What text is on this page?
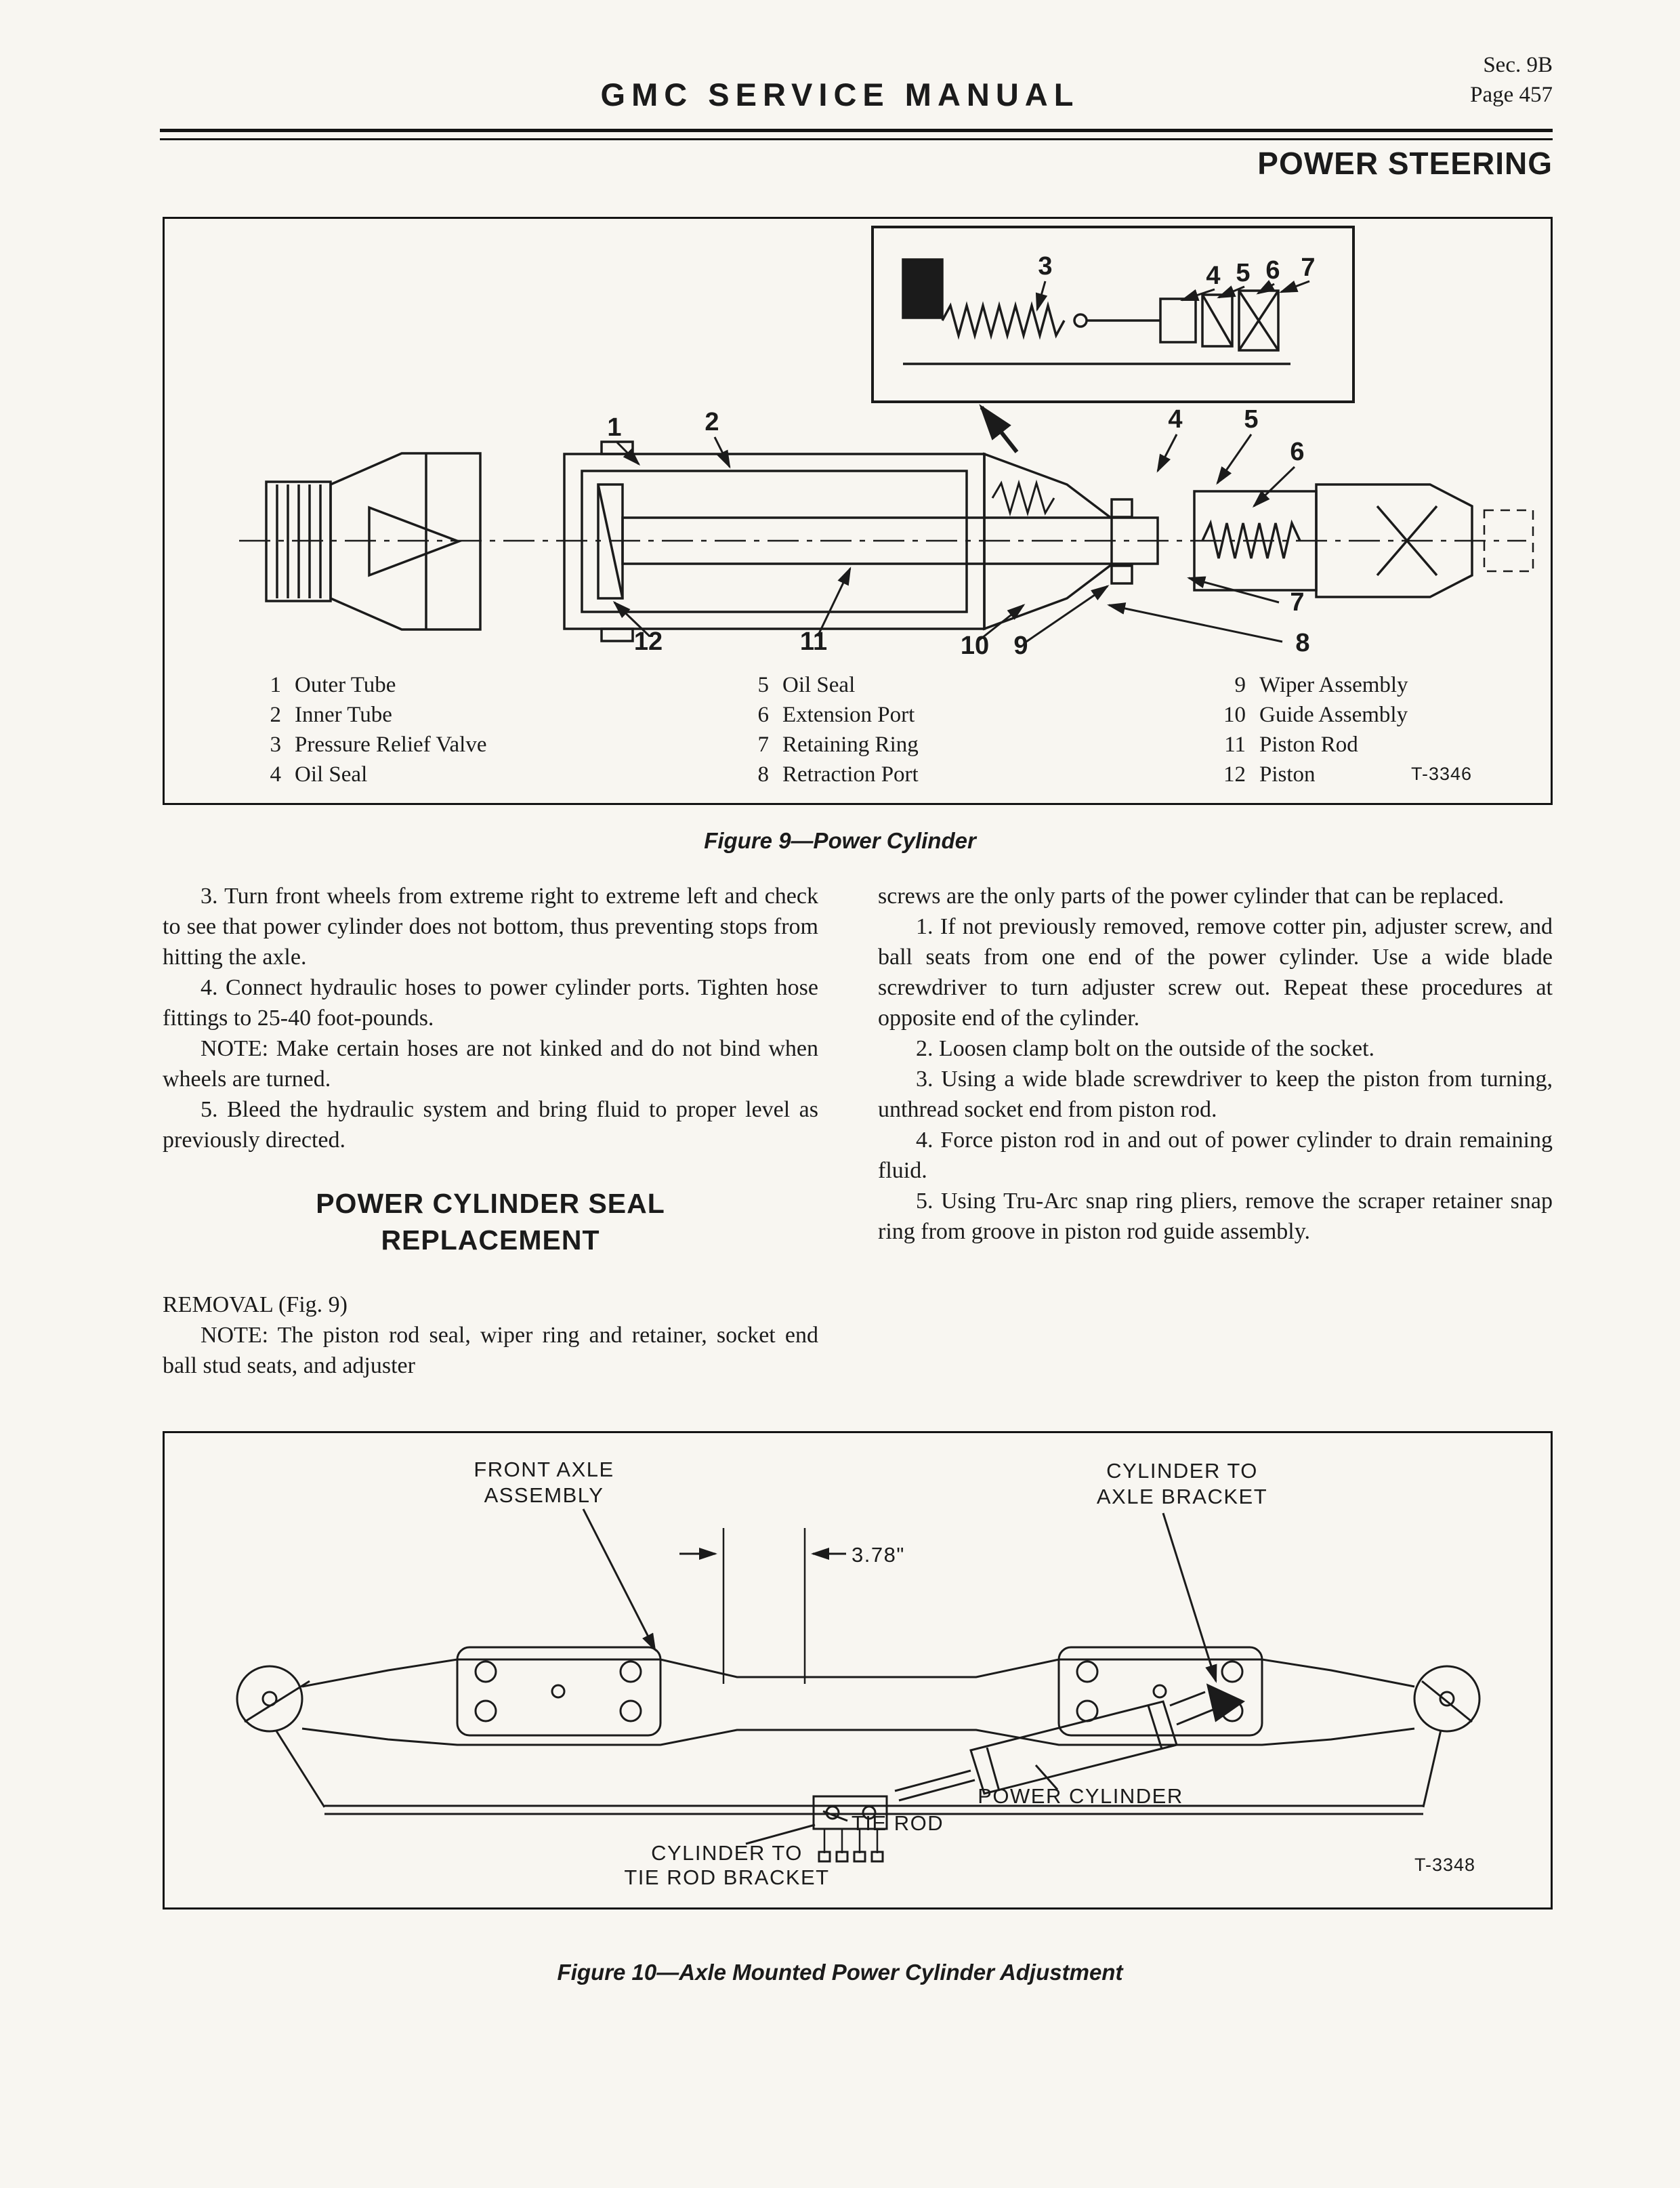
GMC SERVICE MANUAL
Sec. 9B
Page 457
POWER STEERING
3	4 5 6 7
1	2	4 5
6
7
8
12	11	10 9
1 Outer Tube
2 Inner Tube
3 Pressure Relief Valve
4 Oil Seal
5 Oil Seal
6 Extension Port
7 Retaining Ring
8 Retraction Port
9 Wiper Assembly
10 Guide Assembly
11 Piston Rod
12 Piston	T-3346
Figure 9—Power Cylinder

3. Turn front wheels from extreme right to extreme left and check to see that power cylinder does not bottom, thus preventing stops from hitting the axle.

4. Connect hydraulic hoses to power cylinder ports. Tighten hose fittings to 25-40 foot-pounds.

NOTE: Make certain hoses are not kinked and do not bind when wheels are turned.

5. Bleed the hydraulic system and bring fluid to proper level as previously directed.

POWER CYLINDER SEAL
REPLACEMENT

REMOVAL (Fig. 9)

NOTE: The piston rod seal, wiper ring and retainer, socket end ball stud seats, and adjuster

screws are the only parts of the power cylinder that can be replaced.

1. If not previously removed, remove cotter pin, adjuster screw, and ball seats from one end of the power cylinder. Use a wide blade screwdriver to turn adjuster screw out. Repeat these procedures at opposite end of the cylinder.

2. Loosen clamp bolt on the outside of the socket.

3. Using a wide blade screwdriver to keep the piston from turning, unthread socket end from piston rod.

4. Force piston rod in and out of power cylinder to drain remaining fluid.

5. Using Tru-Arc snap ring pliers, remove the scraper retainer snap ring from groove in piston rod guide assembly.

FRONT AXLE
ASSEMBLY
CYLINDER TO
AXLE BRACKET
TIE ROD
POWER CYLINDER
CYLINDER TO
TIE ROD BRACKET
3.78"
T-3348
Figure 10—Axle Mounted Power Cylinder Adjustment
